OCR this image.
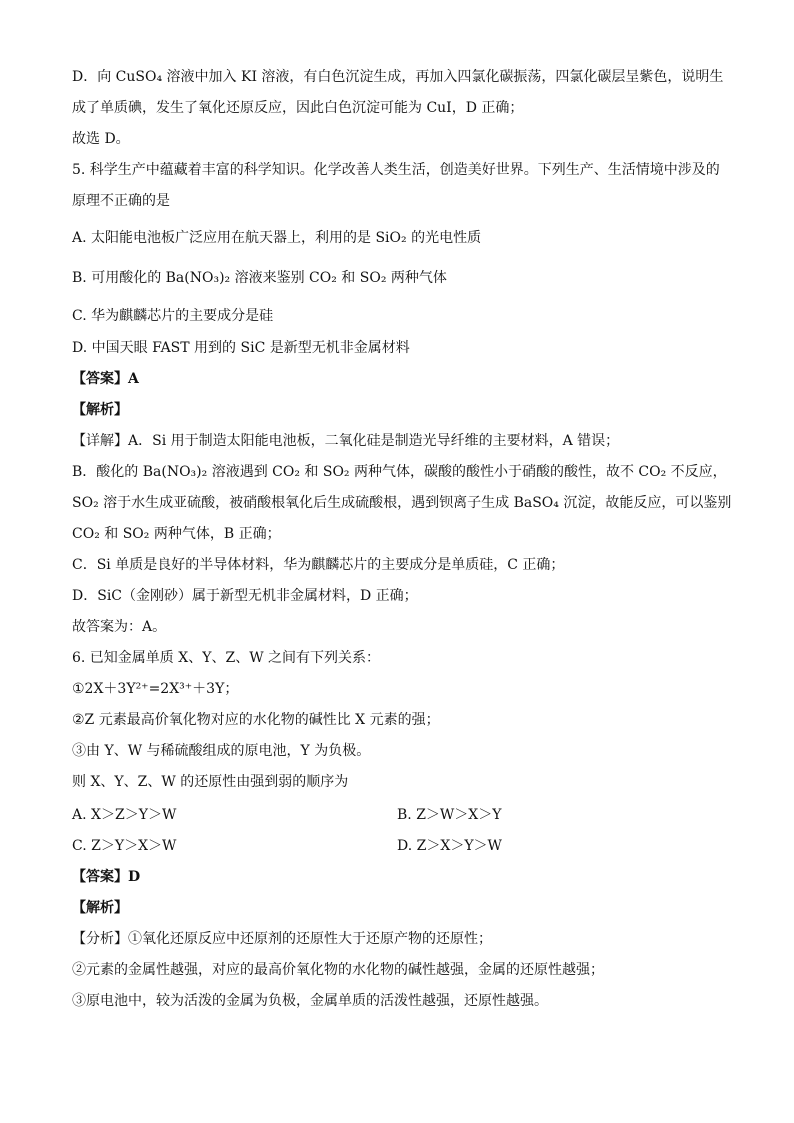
D．向 CuSO₄ 溶液中加入 KI 溶液，有白色沉淀生成，再加入四氯化碳振荡，四氯化碳层呈紫色，说明生
成了单质碘，发生了氧化还原反应，因此白色沉淀可能为 CuI，D 正确；
故选 D。
5. 科学生产中蕴藏着丰富的科学知识。化学改善人类生活，创造美好世界。下列生产、生活情境中涉及的
原理不正确的是
A. 太阳能电池板广泛应用在航天器上，利用的是 SiO₂ 的光电性质
B. 可用酸化的 Ba(NO₃)₂ 溶液来鉴别 CO₂ 和 SO₂ 两种气体
C. 华为麒麟芯片的主要成分是硅
D. 中国天眼 FAST 用到的 SiC 是新型无机非金属材料
【答案】A
【解析】
【详解】A．Si 用于制造太阳能电池板，二氧化硅是制造光导纤维的主要材料，A 错误；
B．酸化的 Ba(NO₃)₂ 溶液遇到 CO₂ 和 SO₂ 两种气体，碳酸的酸性小于硝酸的酸性，故不 CO₂ 不反应，
SO₂ 溶于水生成亚硫酸，被硝酸根氧化后生成硫酸根，遇到钡离子生成 BaSO₄ 沉淀，故能反应，可以鉴别
CO₂ 和 SO₂ 两种气体，B 正确；
C．Si 单质是良好的半导体材料，华为麒麟芯片的主要成分是单质硅，C 正确；
D．SiC（金刚砂）属于新型无机非金属材料，D 正确；
故答案为：A。
6. 已知金属单质 X、Y、Z、W 之间有下列关系：
①2X＋3Y²⁺=2X³⁺＋3Y；
②Z 元素最高价氧化物对应的水化物的碱性比 X 元素的强；
③由 Y、W 与稀硫酸组成的原电池，Y 为负极。
则 X、Y、Z、W 的还原性由强到弱的顺序为
A. X＞Z＞Y＞W	B. Z＞W＞X＞Y
C. Z＞Y＞X＞W	D. Z＞X＞Y＞W
【答案】D
【解析】
【分析】①氧化还原反应中还原剂的还原性大于还原产物的还原性；
②元素的金属性越强，对应的最高价氧化物的水化物的碱性越强，金属的还原性越强；
③原电池中，较为活泼的金属为负极，金属单质的活泼性越强，还原性越强。
